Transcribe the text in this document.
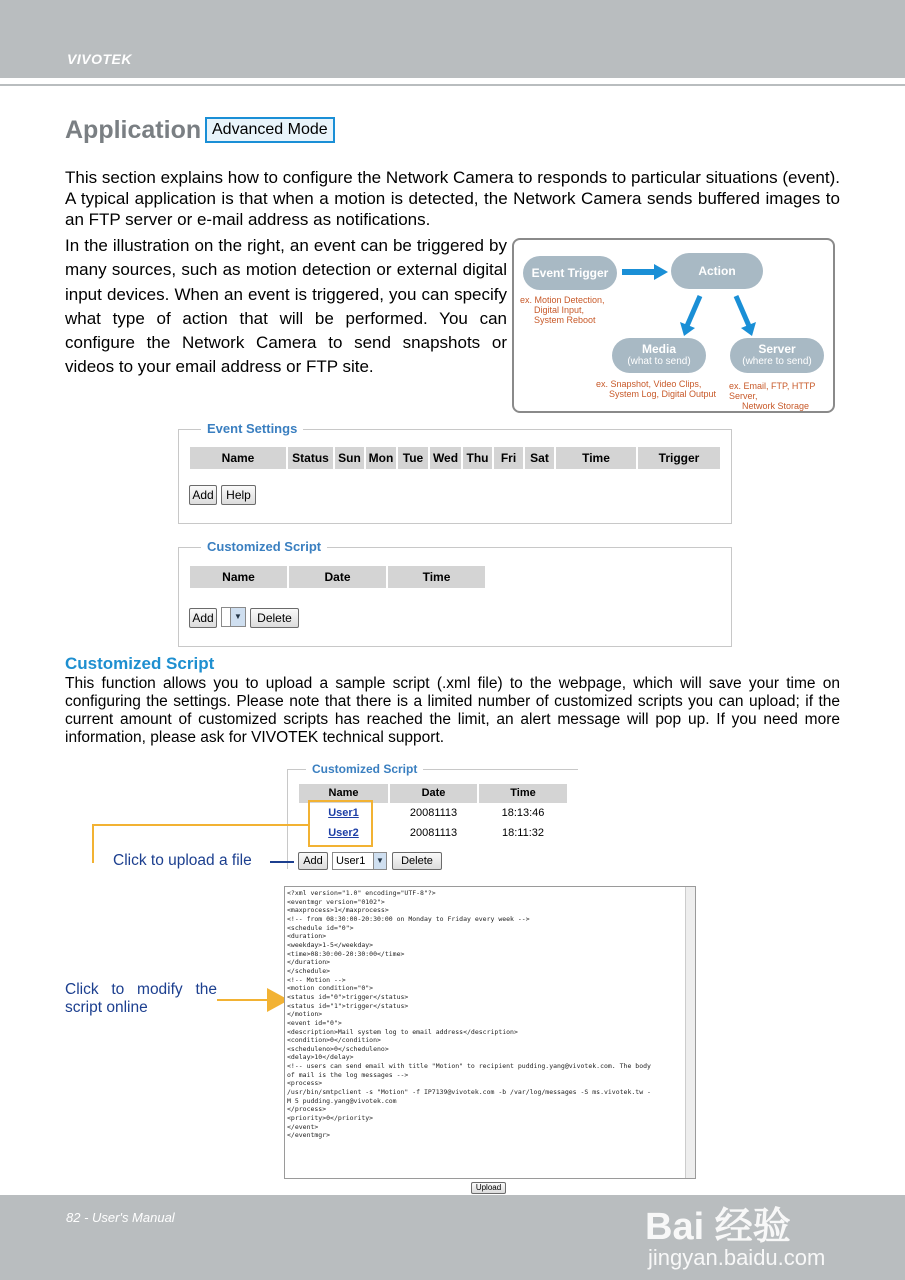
VIVOTEK
Application Advanced Mode

This section explains how to configure the Network Camera to responds to particular situations (event). A typical application is that when a motion is detected, the Network Camera sends buffered images to an FTP server or e-mail address as notifications.

In the illustration on the right, an event can be triggered by many sources, such as motion detection or external digital input devices. When an event is triggered, you can specify what type of action that will be performed. You can configure the Network Camera to send snapshots or videos to your email address or FTP site.

Event Trigger	Action
ex. Motion Detection,
Digital Input,
System Reboot
Media
(what to send)
Server
(where to send)
ex. Snapshot, Video Clips,
System Log, Digital Output
ex. Email, FTP, HTTP Server,
Network Storage
Event Settings
Name	Status Sun Mon Tue Wed Thu	Fri	Sat	Time	Trigger
Add	Help
Customized Script
Name	Date	Time
Add	▼	Delete
Customized Script

This function allows you to upload a sample script (.xml file) to the webpage, which will save your time on configuring the settings. Please note that there is a limited number of customized scripts you can upload; if the current amount of customized scripts has reached the limit, an alert message will pop up. If you need more information, please ask for VIVOTEK technical support.

Customized Script
Name	Date	Time
User1	20081113	18:13:46
User2	20081113	18:11:32
Add	User1	▼	Delete
Click to upload a file
Click to modify the
script online
<?xml version="1.0" encoding="UTF-8"?>
<eventmgr version="0102">
<maxprocess>1</maxprocess>
<!-- from 08:30:00-20:30:00 on Monday to Friday every week -->
<schedule id="0">
<duration>
<weekday>1-5</weekday>
<time>08:30:00-20:30:00</time>
</duration>
</schedule>
<!-- Motion -->
<motion condition="0">
<status id="0">trigger</status>
<status id="1">trigger</status>
</motion>
<event id="0">
<description>Mail system log to email address</description>
<condition>0</condition>
<scheduleno>0</scheduleno>
<delay>10</delay>
<!-- users can send email with title "Motion" to recipient pudding.yang@vivotek.com. The body
of mail is the log messages -->
<process>
/usr/bin/smtpclient -s "Motion" -f IP7139@vivotek.com -b /var/log/messages -S ms.vivotek.tw -
M 5 pudding.yang@vivotek.com
</process>
<priority>0</priority>
</event>
</eventmgr>
Upload
82 - User's Manual	Bai 经验
jingyan.baidu.com
